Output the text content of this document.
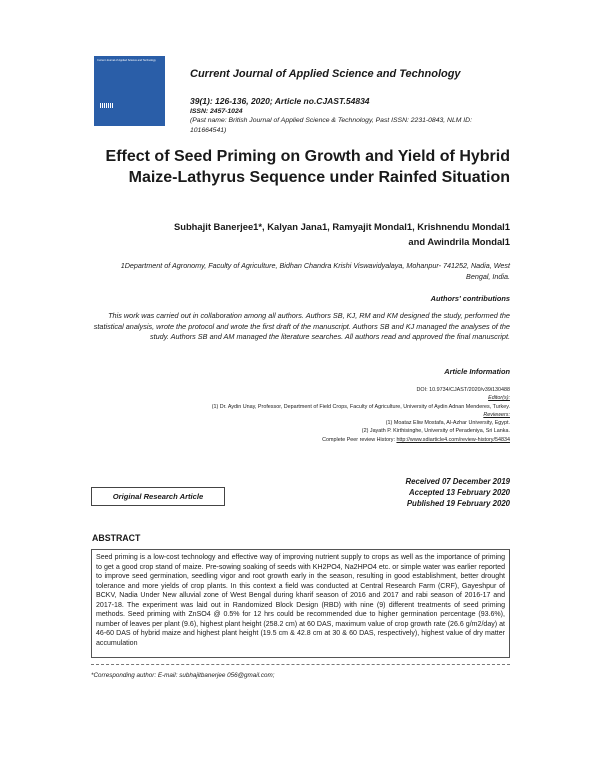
Current Journal of Applied Science and Technology
Current Journal of Applied Science and Technology
39(1): 126-136, 2020; Article no.CJAST.54834
ISSN: 2457-1024
(Past name: British Journal of Applied Science & Technology, Past ISSN: 2231-0843, NLM ID: 101664541)
Effect of Seed Priming on Growth and Yield of Hybrid Maize-Lathyrus Sequence under Rainfed Situation
Subhajit Banerjee1*, Kalyan Jana1, Ramyajit Mondal1, Krishnendu Mondal1
and Awindrila Mondal1
1Department of Agronomy, Faculty of Agriculture, Bidhan Chandra Krishi Viswavidyalaya, Mohanpur- 741252, Nadia, West Bengal, India.
Authors' contributions
This work was carried out in collaboration among all authors. Authors SB, KJ, RM and KM designed the study, performed the statistical analysis, wrote the protocol and wrote the first draft of the manuscript. Authors SB and KJ managed the analyses of the study. Authors SB and AM managed the literature searches. All authors read and approved the final manuscript.
Article Information
DOI: 10.9734/CJAST/2020/v39i130488
Editor(s):
(1) Dr. Aydin Unay, Professor, Department of Field Crops, Faculty of Agriculture, University of Aydin Adnan Menderes, Turkey.
Reviewers:
(1) Moataz Eliw Mostafa, Al-Azhar University, Egypt.
(2) Jayath P. Kirthisinghe, University of Peradeniya, Sri Lanka.
Complete Peer review History: http://www.sdiarticle4.com/review-history/54834
Original Research Article
Received 07 December 2019
Accepted 13 February 2020
Published 19 February 2020
ABSTRACT
Seed priming is a low-cost technology and effective way of improving nutrient supply to crops as well as the importance of priming to get a good crop stand of maize. Pre-sowing soaking of seeds with KH2PO4, Na2HPO4 etc. or simple water was earlier reported to improve seed germination, seedling vigor and root growth early in the season, resulting in good establishment, better drought tolerance and more yields of crop plants. In this context a field was conducted at Central Research Farm (CRF), Gayeshpur of BCKV, Nadia Under New alluvial zone of West Bengal during kharif season of 2016 and 2017 and rabi season of 2016-17 and 2017-18. The experiment was laid out in Randomized Block Design (RBD) with nine (9) different treatments of seed priming methods. Seed priming with ZnSO4 @ 0.5% for 12 hrs could be recommended due to higher germination percentage (93.6%), number of leaves per plant (9.6), highest plant height (258.2 cm) at 60 DAS, maximum value of crop growth rate (26.6 g/m2/day) at 46-60 DAS of hybrid maize and highest plant height (19.5 cm & 42.8 cm at 30 & 60 DAS, respectively), highest value of dry matter accumulation
*Corresponding author: E-mail: subhajitbanerjee 056@gmail.com;
